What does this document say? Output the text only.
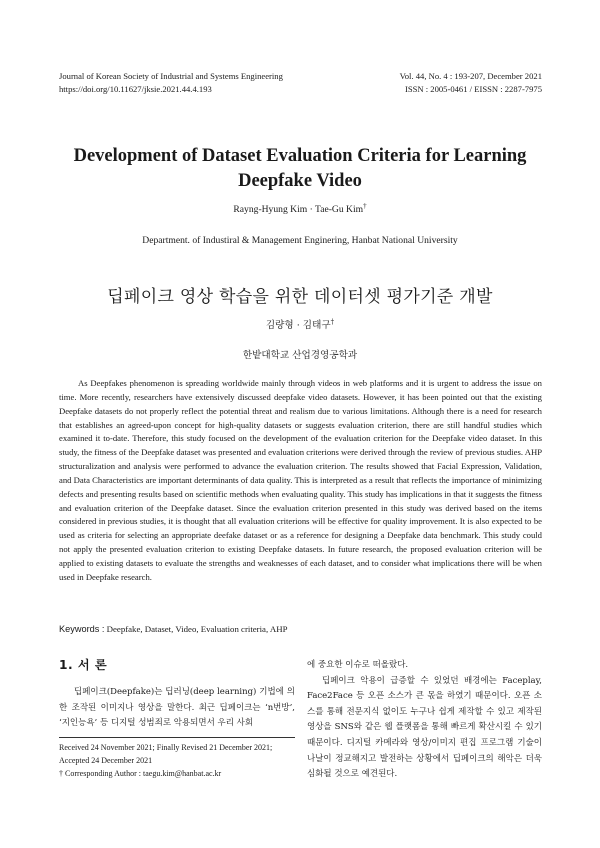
Journal of Korean Society of Industrial and Systems Engineering
https://doi.org/10.11627/jksie.2021.44.4.193
Vol. 44, No. 4 : 193-207, December 2021
ISSN : 2005-0461 / EISSN : 2287-7975
Development of Dataset Evaluation Criteria for Learning
Deepfake Video
Rayng-Hyung Kim · Tae-Gu Kim†
Department. of Industiral & Management Enginering, Hanbat National University
딥페이크 영상 학습을 위한 데이터셋 평가기준 개발
김량형 · 김태구†
한밭대학교 산업경영공학과
As Deepfakes phenomenon is spreading worldwide mainly through videos in web platforms and it is urgent to address the issue on time. More recently, researchers have extensively discussed deepfake video datasets. However, it has been pointed out that the existing Deepfake datasets do not properly reflect the potential threat and realism due to various limitations. Although there is a need for research that establishes an agreed-upon concept for high-quality datasets or suggests evaluation criterion, there are still handful studies which examined it to-date. Therefore, this study focused on the development of the evaluation criterion for the Deepfake video dataset. In this study, the fitness of the Deepfake dataset was presented and evaluation criterions were derived through the review of previous studies. AHP structuralization and analysis were performed to advance the evaluation criterion. The results showed that Facial Expression, Validation, and Data Characteristics are important determinants of data quality. This is interpreted as a result that reflects the importance of minimizing defects and presenting results based on scientific methods when evaluating quality. This study has implications in that it suggests the fitness and evaluation criterion of the Deepfake dataset. Since the evaluation criterion presented in this study was derived based on the items considered in previous studies, it is thought that all evaluation criterions will be effective for quality improvement. It is also expected to be used as criteria for selecting an appropriate deefake dataset or as a reference for designing a Deepfake data benchmark. This study could not apply the presented evaluation criterion to existing Deepfake datasets. In future research, the proposed evaluation criterion will be applied to existing datasets to evaluate the strengths and weaknesses of each dataset, and to consider what implications there will be when used in Deepfake research.
Keywords : Deepfake, Dataset, Video, Evaluation criteria, AHP
1. 서 론

딥페이크(Deepfake)는 딥러닝(deep learning) 기법에 의한 조작된 이미지나 영상을 말한다. 최근 딥페이크는 ‘n번방’, ‘지인능욕’ 등 디지털 성범죄로 악용되면서 우리 사회

Received 24 November 2021; Finally Revised 21 December 2021;
Accepted 24 December 2021
† Corresponding Author : taegu.kim@hanbat.ac.kr

에 중요한 이슈로 떠올랐다.

딥페이크 악용이 급증할 수 있었던 배경에는 Faceplay, Face2Face 등 오픈 소스가 큰 몫을 하였기 때문이다. 오픈 소스를 통해 전문지식 없이도 누구나 쉽게 제작할 수 있고 제작된 영상을 SNS와 같은 웹 플랫폼을 통해 빠르게 확산시킬 수 있기 때문이다. 디지털 카메라와 영상/이미지 편집 프로그램 기술이 나날이 정교해지고 발전하는 상황에서 딥페이크의 해악은 더욱 심화될 것으로 예견된다.
